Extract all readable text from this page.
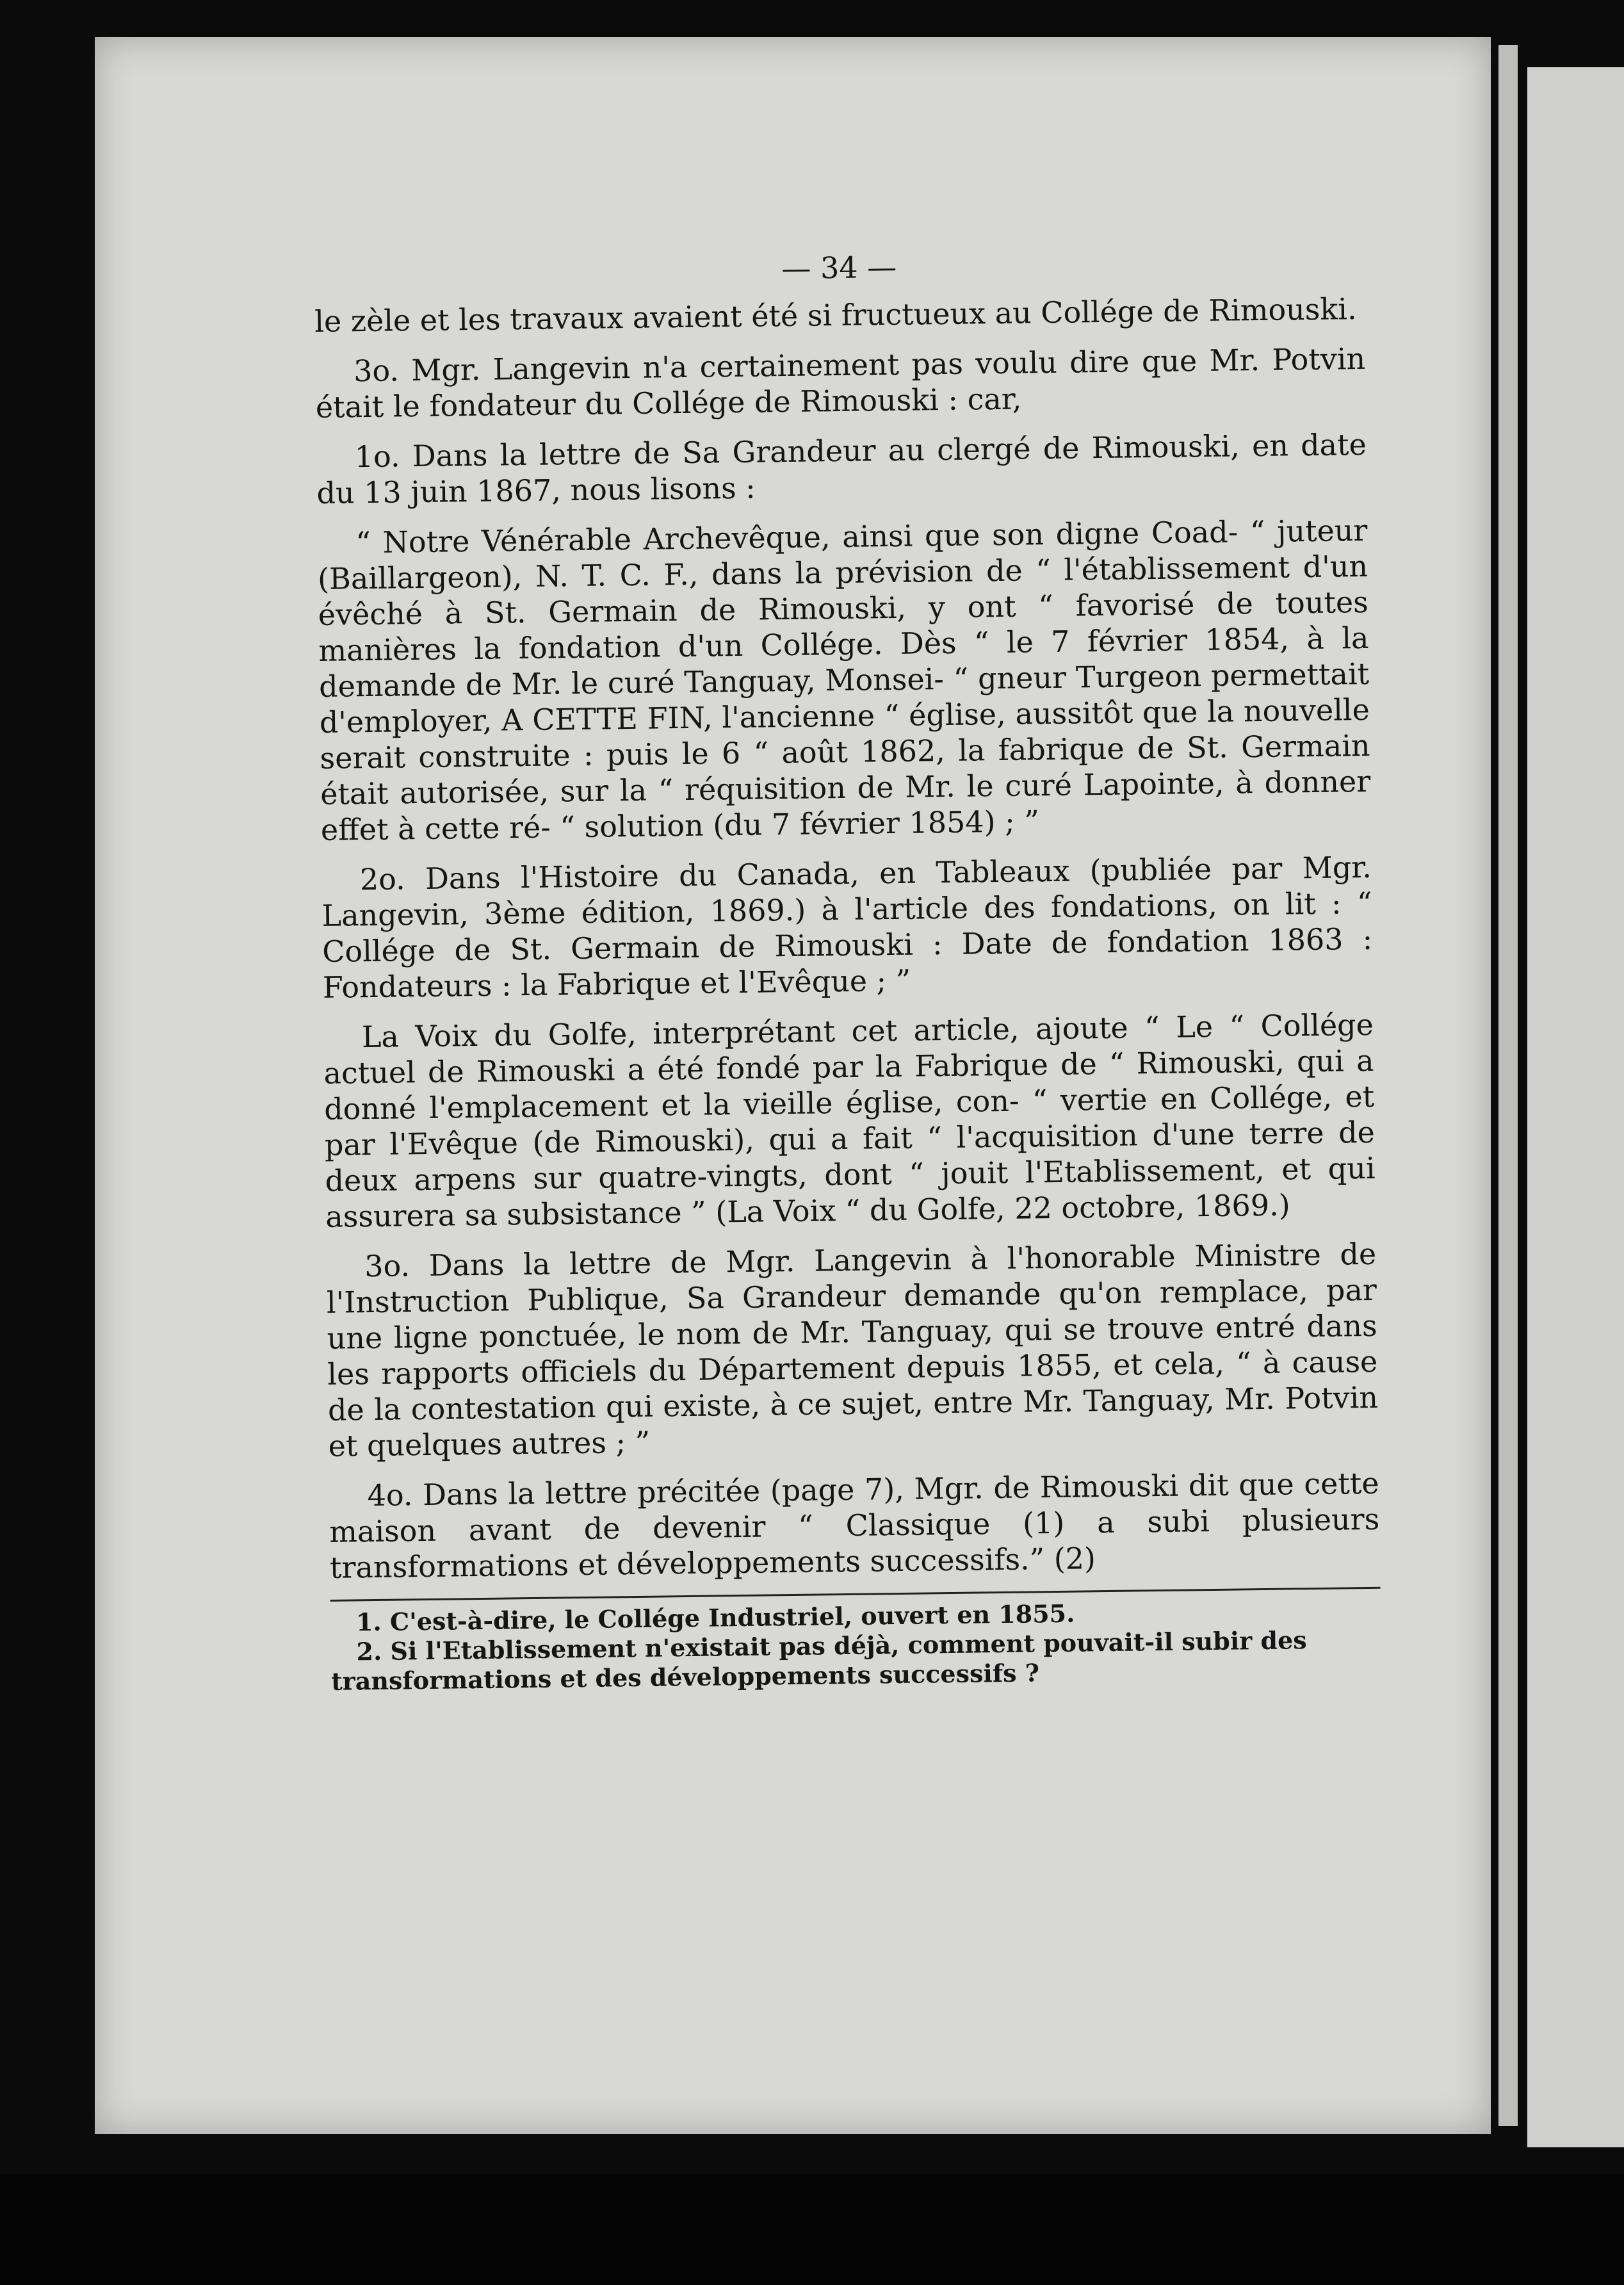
— 34 —

le zèle et les travaux avaient été si fructueux au Collége de Rimouski.

3o. Mgr. Langevin n'a certainement pas voulu dire que Mr. Potvin était le fondateur du Collége de Rimouski : car,

1o. Dans la lettre de Sa Grandeur au clergé de Rimouski, en date du 13 juin 1867, nous lisons :

“ Notre Vénérable Archevêque, ainsi que son digne Coad- “ juteur (Baillargeon), N. T. C. F., dans la prévision de “ l'établissement d'un évêché à St. Germain de Rimouski, y ont “ favorisé de toutes manières la fondation d'un Collége. Dès “ le 7 février 1854, à la demande de Mr. le curé Tanguay, Monsei- “ gneur Turgeon permettait d'employer, A CETTE FIN, l'ancienne “ église, aussitôt que la nouvelle serait construite : puis le 6 “ août 1862, la fabrique de St. Germain était autorisée, sur la “ réquisition de Mr. le curé Lapointe, à donner effet à cette ré- “ solution (du 7 février 1854) ; ”

2o. Dans l'Histoire du Canada, en Tableaux (publiée par Mgr. Langevin, 3ème édition, 1869.) à l'article des fondations, on lit : “ Collége de St. Germain de Rimouski : Date de fondation 1863 : Fondateurs : la Fabrique et l'Evêque ; ”

La Voix du Golfe, interprétant cet article, ajoute “ Le “ Collége actuel de Rimouski a été fondé par la Fabrique de “ Rimouski, qui a donné l'emplacement et la vieille église, con- “ vertie en Collége, et par l'Evêque (de Rimouski), qui a fait “ l'acquisition d'une terre de deux arpens sur quatre-vingts, dont “ jouit l'Etablissement, et qui assurera sa subsistance ” (La Voix “ du Golfe, 22 octobre, 1869.)

3o. Dans la lettre de Mgr. Langevin à l'honorable Ministre de l'Instruction Publique, Sa Grandeur demande qu'on remplace, par une ligne ponctuée, le nom de Mr. Tanguay, qui se trouve entré dans les rapports officiels du Département depuis 1855, et cela, “ à cause de la contestation qui existe, à ce sujet, entre Mr. Tanguay, Mr. Potvin et quelques autres ; ”

4o. Dans la lettre précitée (page 7), Mgr. de Rimouski dit que cette maison avant de devenir “ Classique (1) a subi plusieurs transformations et développements successifs.” (2)

1. C'est-à-dire, le Collége Industriel, ouvert en 1855.

2. Si l'Etablissement n'existait pas déjà, comment pouvait-il subir des transformations et des développements successifs ?
